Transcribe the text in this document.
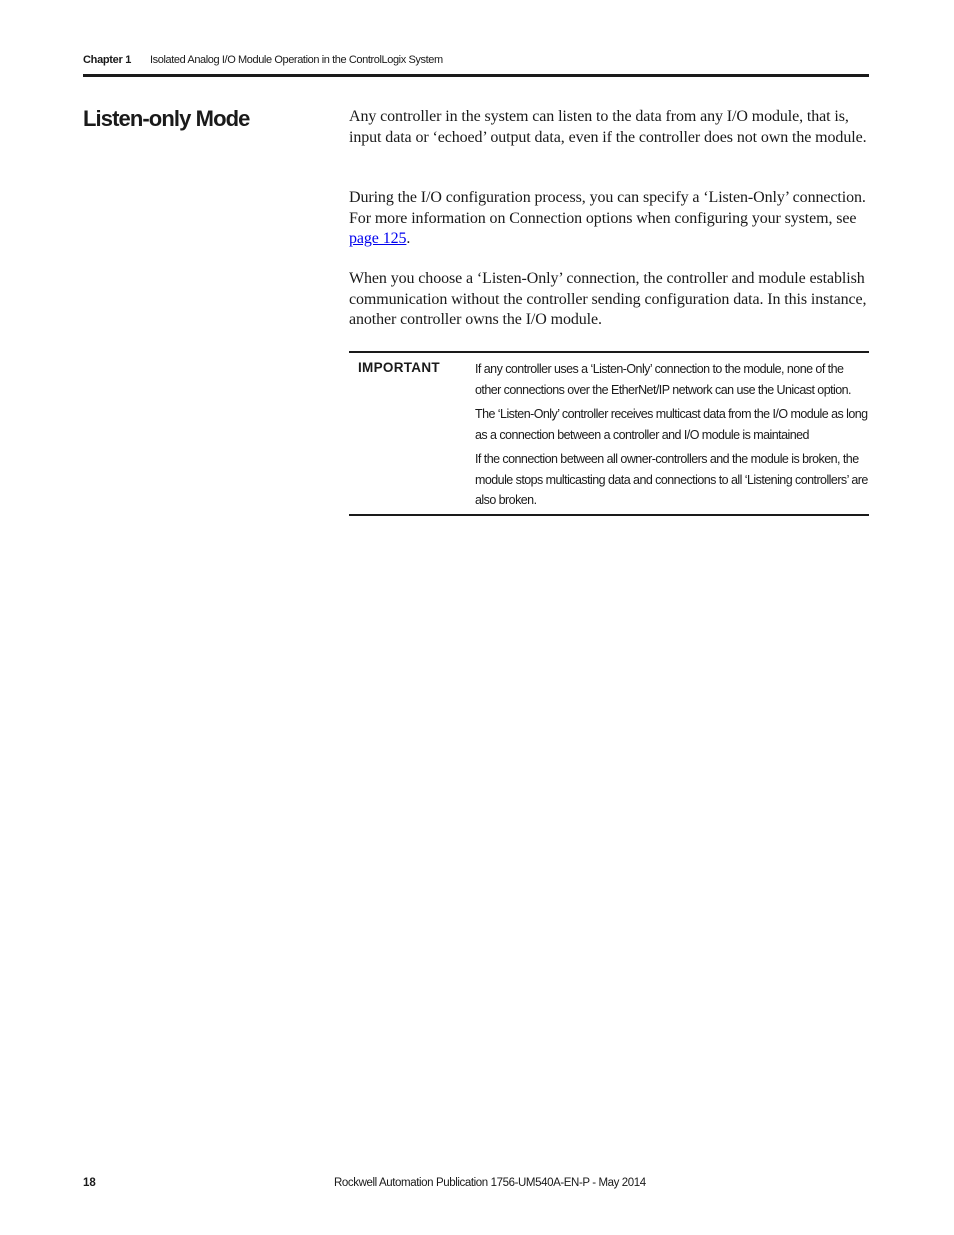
Chapter 1 Isolated Analog I/O Module Operation in the ControlLogix System
Listen-only Mode	Any controller in the system can listen to the data from any I/O module, that is, input data or ‘echoed’ output data, even if the controller does not own the module.

During the I/O configuration process, you can specify a ‘Listen-Only’ connection. For more information on Connection options when configuring your system, see page 125.

When you choose a ‘Listen-Only’ connection, the controller and module establish communication without the controller sending configuration data. In this instance, another controller owns the I/O module.

IMPORTANT	If any controller uses a ‘Listen-Only’ connection to the module, none of the other connections over the EtherNet/IP network can use the Unicast option.

The ‘Listen-Only’ controller receives multicast data from the I/O module as long as a connection between a controller and I/O module is maintained

If the connection between all owner-controllers and the module is broken, the module stops multicasting data and connections to all ‘Listening controllers’ are also broken.

18	Rockwell Automation Publication 1756-UM540A-EN-P - May 2014
